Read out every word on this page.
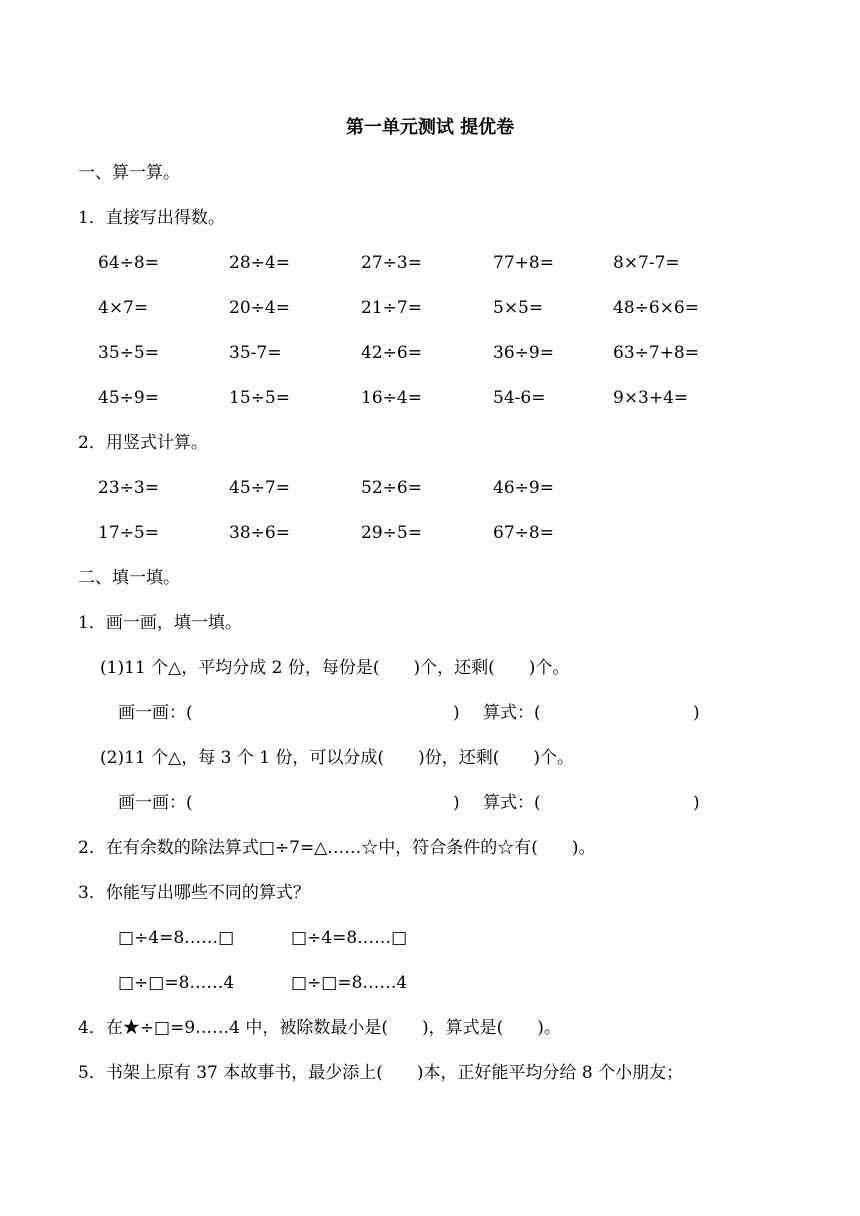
第一单元测试 提优卷
一、算一算。
1．直接写出得数。
64÷8=	28÷4=	27÷3=	77+8=	8×7-7=
4×7=	20÷4=	21÷7=	5×5=	48÷6×6=
35÷5=	35-7=	42÷6=	36÷9=	63÷7+8=
45÷9=	15÷5=	16÷4=	54-6=	9×3+4=
2．用竖式计算。
23÷3=	45÷7=	52÷6=	46÷9=
17÷5=	38÷6=	29÷5=	67÷8=
二、填一填。
1．画一画，填一填。
(1)11 个△，平均分成 2 份，每份是(　　)个，还剩(　　)个。
画一画：(	) 算式：(	)
(2)11 个△，每 3 个 1 份，可以分成(　　)份，还剩(　　)个。
画一画：(	) 算式：(	)
2．在有余数的除法算式□÷7=△……☆中，符合条件的☆有(　　)。
3．你能写出哪些不同的算式？
□÷4=8……□	□÷4=8……□
□÷□=8……4	□÷□=8……4
4．在★÷□=9……4 中，被除数最小是(　　)，算式是(　　)。
5．书架上原有 37 本故事书，最少添上(　　)本，正好能平均分给 8 个小朋友；
